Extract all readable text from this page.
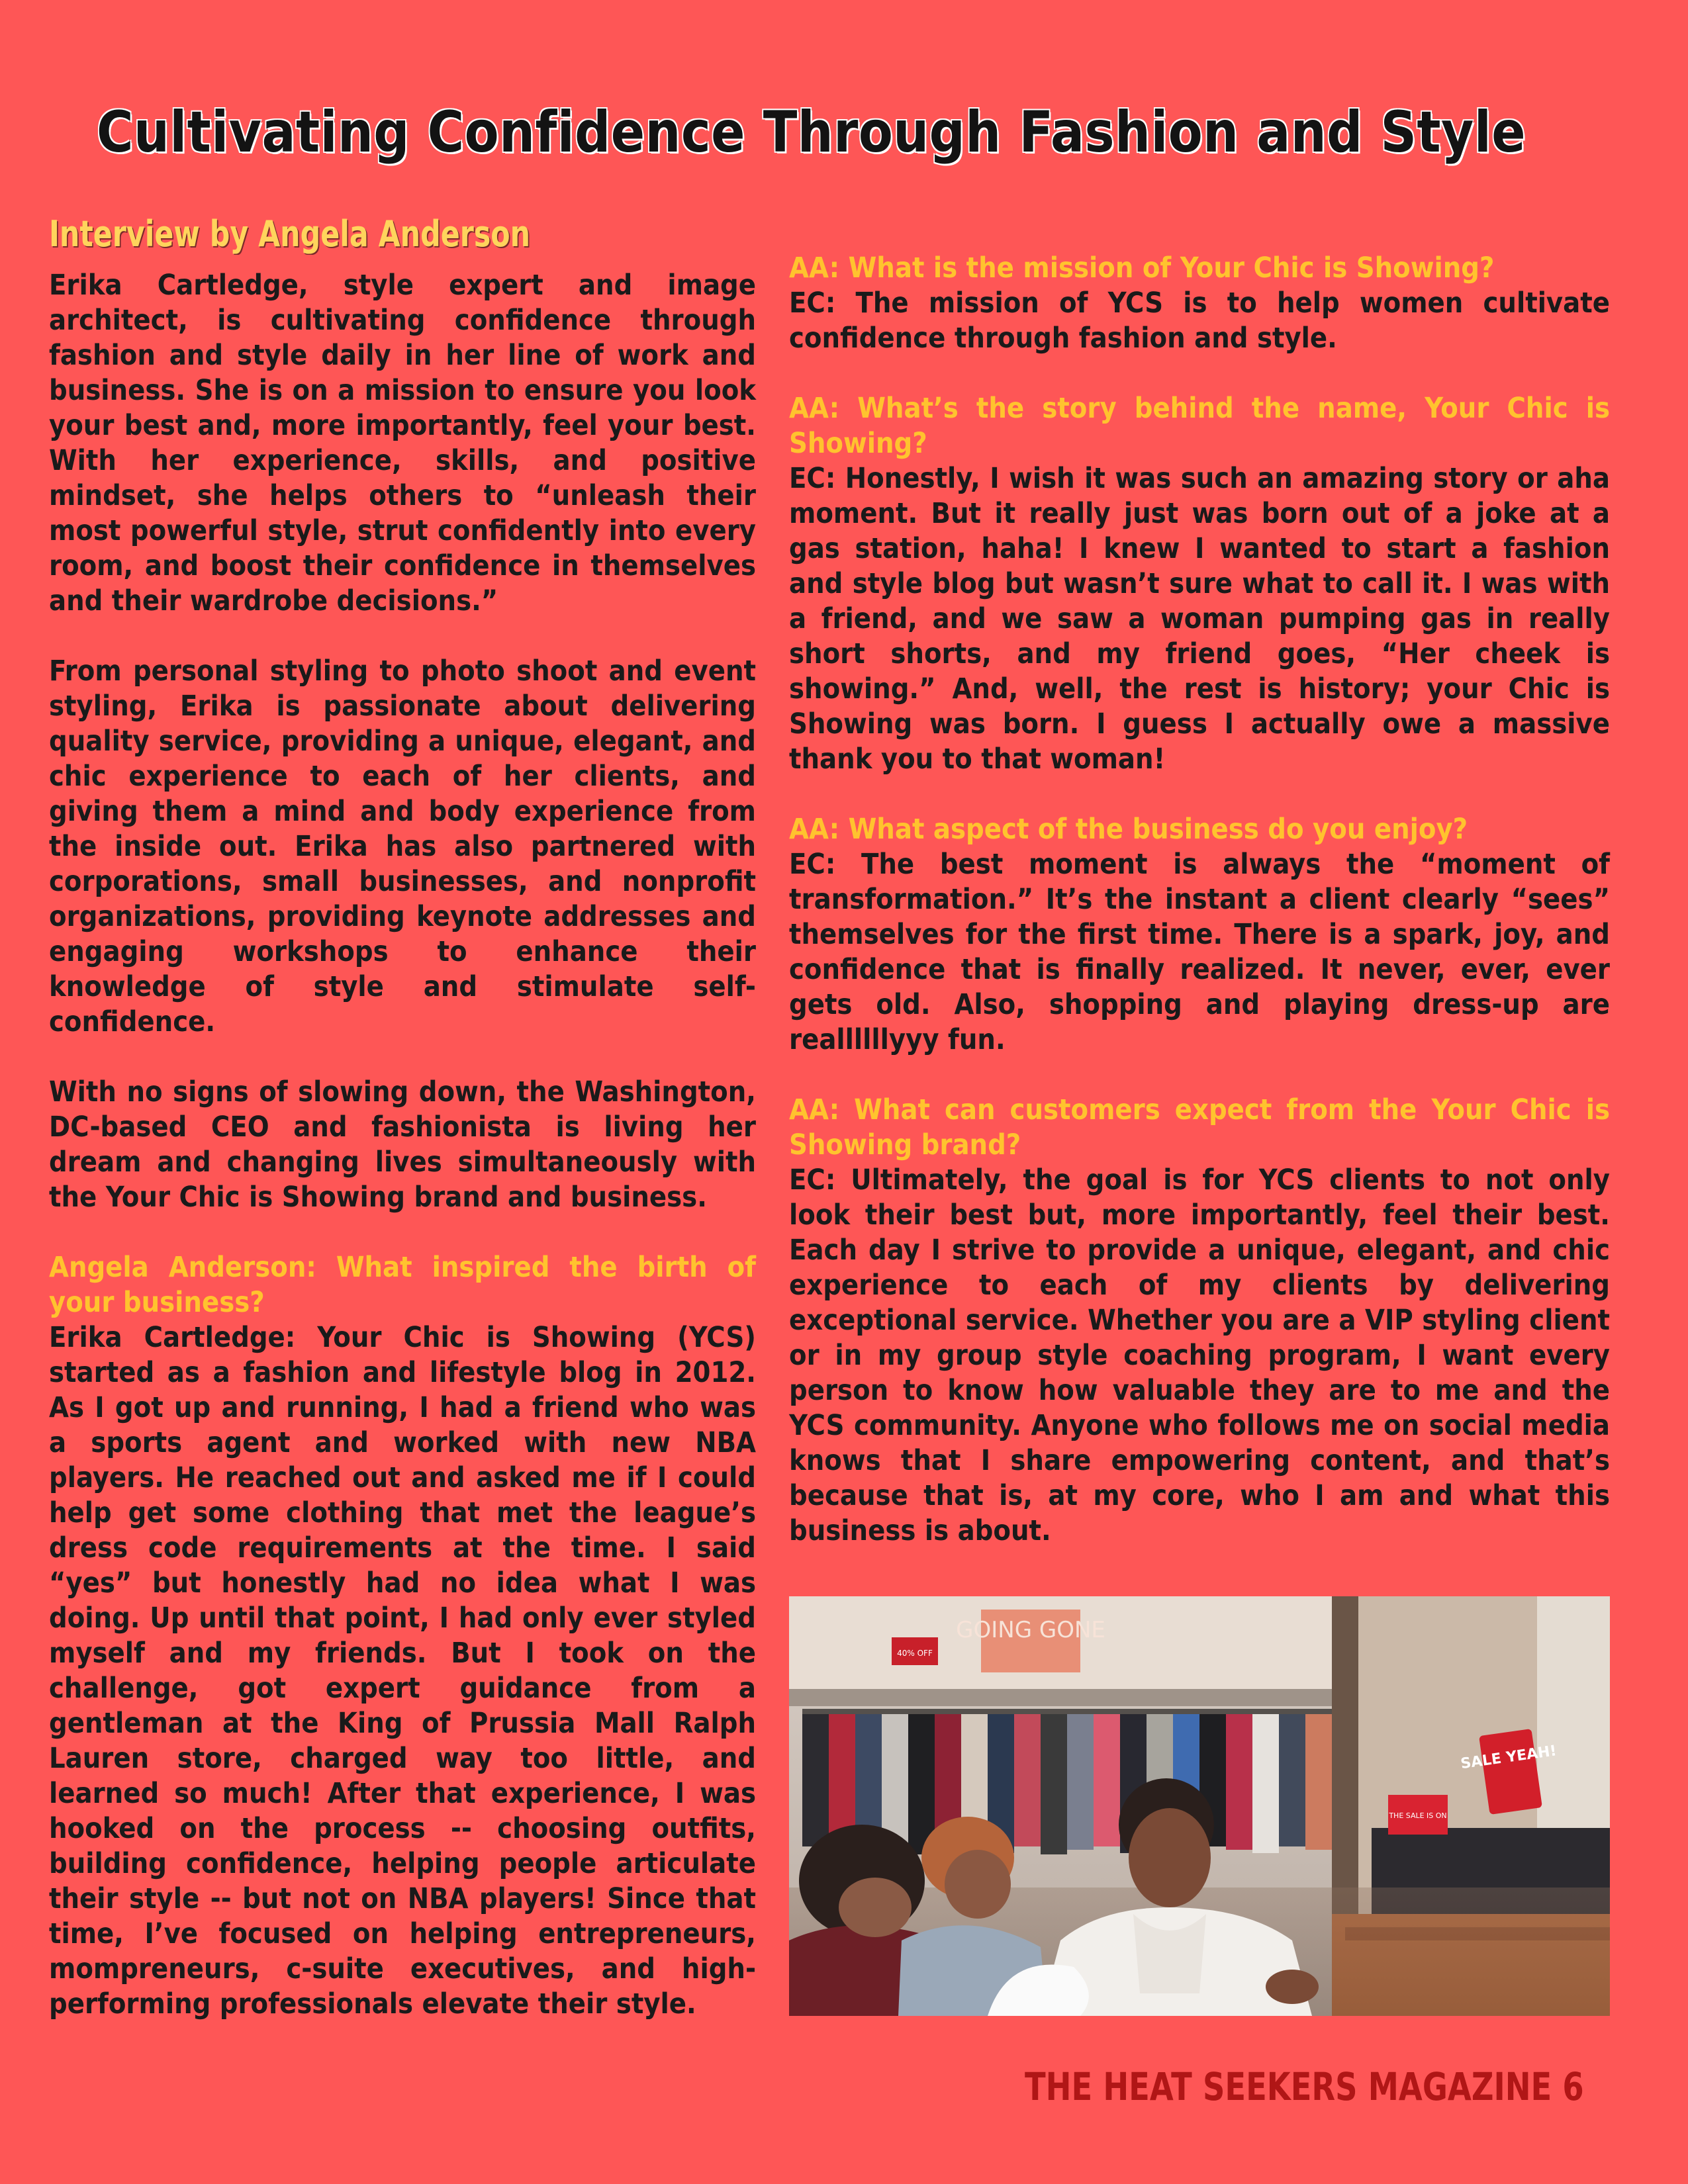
Cultivating Confidence Through Fashion and Style
Interview by Angela Anderson

Erika Cartledge, style expert and image architect, is cultivating confidence through fashion and style daily in her line of work and business. She is on a mission to ensure you look your best and, more importantly, feel your best. With her experience, skills, and positive mindset, she helps others to “unleash their most powerful style, strut confidently into every room, and boost their confidence in themselves and their wardrobe decisions.”

From personal styling to photo shoot and event styling, Erika is passionate about delivering quality service, providing a unique, elegant, and chic experience to each of her clients, and giving them a mind and body experience from the inside out. Erika has also partnered with corporations, small businesses, and nonprofit organizations, providing keynote addresses and engaging workshops to enhance their knowledge of style and stimulate self-confidence.

With no signs of slowing down, the Washington, DC-based CEO and fashionista is living her dream and changing lives simultaneously with the Your Chic is Showing brand and business.

Angela Anderson: What inspired the birth of your business?

Erika Cartledge: Your Chic is Showing (YCS) started as a fashion and lifestyle blog in 2012. As I got up and running, I had a friend who was a sports agent and worked with new NBA players. He reached out and asked me if I could help get some clothing that met the league’s dress code requirements at the time. I said “yes” but honestly had no idea what I was doing. Up until that point, I had only ever styled myself and my friends. But I took on the challenge, got expert guidance from a gentleman at the King of Prussia Mall Ralph Lauren store, charged way too little, and learned so much! After that experience, I was hooked on the process -- choosing outfits, building confidence, helping people articulate their style -- but not on NBA players! Since that time, I’ve focused on helping entrepreneurs, mompreneurs, c-suite executives, and high-performing professionals elevate their style.

AA: What is the mission of Your Chic is Showing?

EC: The mission of YCS is to help women cultivate confidence through fashion and style.

AA: What’s the story behind the name, Your Chic is Showing?

EC: Honestly, I wish it was such an amazing story or aha moment. But it really just was born out of a joke at a gas station, haha! I knew I wanted to start a fashion and style blog but wasn’t sure what to call it. I was with a friend, and we saw a woman pumping gas in really short shorts, and my friend goes, “Her cheek is showing.” And, well, the rest is history; your Chic is Showing was born. I guess I actually owe a massive thank you to that woman!

AA: What aspect of the business do you enjoy?

EC: The best moment is always the “moment of transformation.” It’s the instant a client clearly “sees” themselves for the first time. There is a spark, joy, and confidence that is finally realized. It never, ever, ever gets old. Also, shopping and playing dress-up are reallllllyyy fun.

AA: What can customers expect from the Your Chic is Showing brand?

EC: Ultimately, the goal is for YCS clients to not only look their best but, more importantly, feel their best. Each day I strive to provide a unique, elegant, and chic experience to each of my clients by delivering exceptional service. Whether you are a VIP styling client or in my group style coaching program, I want every person to know how valuable they are to me and the YCS community. Anyone who follows me on social media knows that I share empowering content, and that’s because that is, at my core, who I am and what this business is about.

GOING GONE
40% OFF
SALE YEAH!
THE SALE IS ON
THE HEAT SEEKERS MAGAZINE 6
